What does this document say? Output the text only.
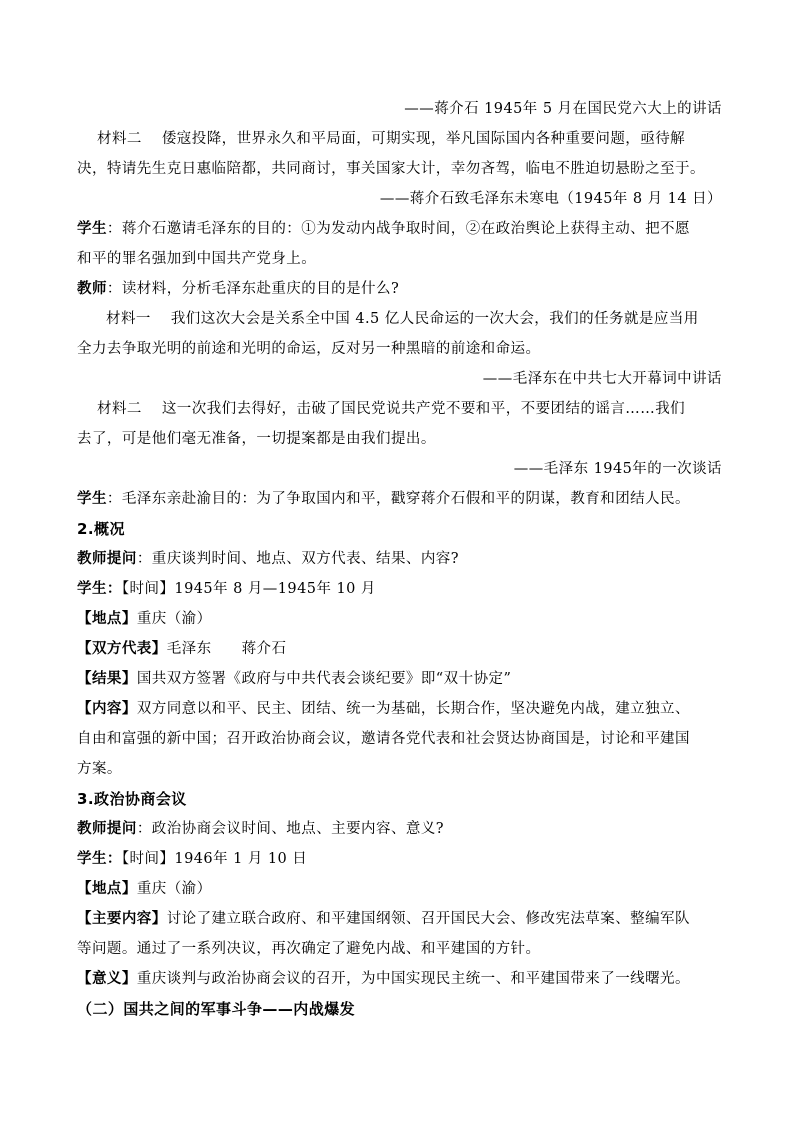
——蒋介石 1945年 5 月在国民党六大上的讲话
材料二 倭寇投降，世界永久和平局面，可期实现，举凡国际国内各种重要问题，亟待解
决，特请先生克日惠临陪都，共同商讨，事关国家大计，幸勿吝驾，临电不胜迫切悬盼之至于。
——蒋介石致毛泽东未寒电（1945年 8 月 14 日）
学生：蒋介石邀请毛泽东的目的：①为发动内战争取时间，②在政治舆论上获得主动、把不愿
和平的罪名强加到中国共产党身上。
教师：读材料，分析毛泽东赴重庆的目的是什么?
材料一 我们这次大会是关系全中国 4.5 亿人民命运的一次大会，我们的任务就是应当用
全力去争取光明的前途和光明的命运，反对另一种黑暗的前途和命运。
——毛泽东在中共七大开幕词中讲话
材料二 这一次我们去得好，击破了国民党说共产党不要和平，不要团结的谣言……我们
去了，可是他们毫无准备，一切提案都是由我们提出。
——毛泽东 1945年的一次谈话
学生：毛泽东亲赴渝目的：为了争取国内和平，戳穿蒋介石假和平的阴谋，教育和团结人民。
2.概况
教师提问：重庆谈判时间、地点、双方代表、结果、内容?
学生：【时间】1945年 8 月—1945年 10 月
【地点】重庆（渝）
【双方代表】毛泽东 蒋介石
【结果】国共双方签署《政府与中共代表会谈纪要》即“双十协定”
【内容】双方同意以和平、民主、团结、统一为基础，长期合作，坚决避免内战，建立独立、
自由和富强的新中国；召开政治协商会议，邀请各党代表和社会贤达协商国是，讨论和平建国
方案。
3.政治协商会议
教师提问：政治协商会议时间、地点、主要内容、意义?
学生：【时间】1946年 1 月 10 日
【地点】重庆（渝）
【主要内容】讨论了建立联合政府、和平建国纲领、召开国民大会、修改宪法草案、整编军队
等问题。通过了一系列决议，再次确定了避免内战、和平建国的方针。
【意义】重庆谈判与政治协商会议的召开，为中国实现民主统一、和平建国带来了一线曙光。
（二）国共之间的军事斗争——内战爆发
